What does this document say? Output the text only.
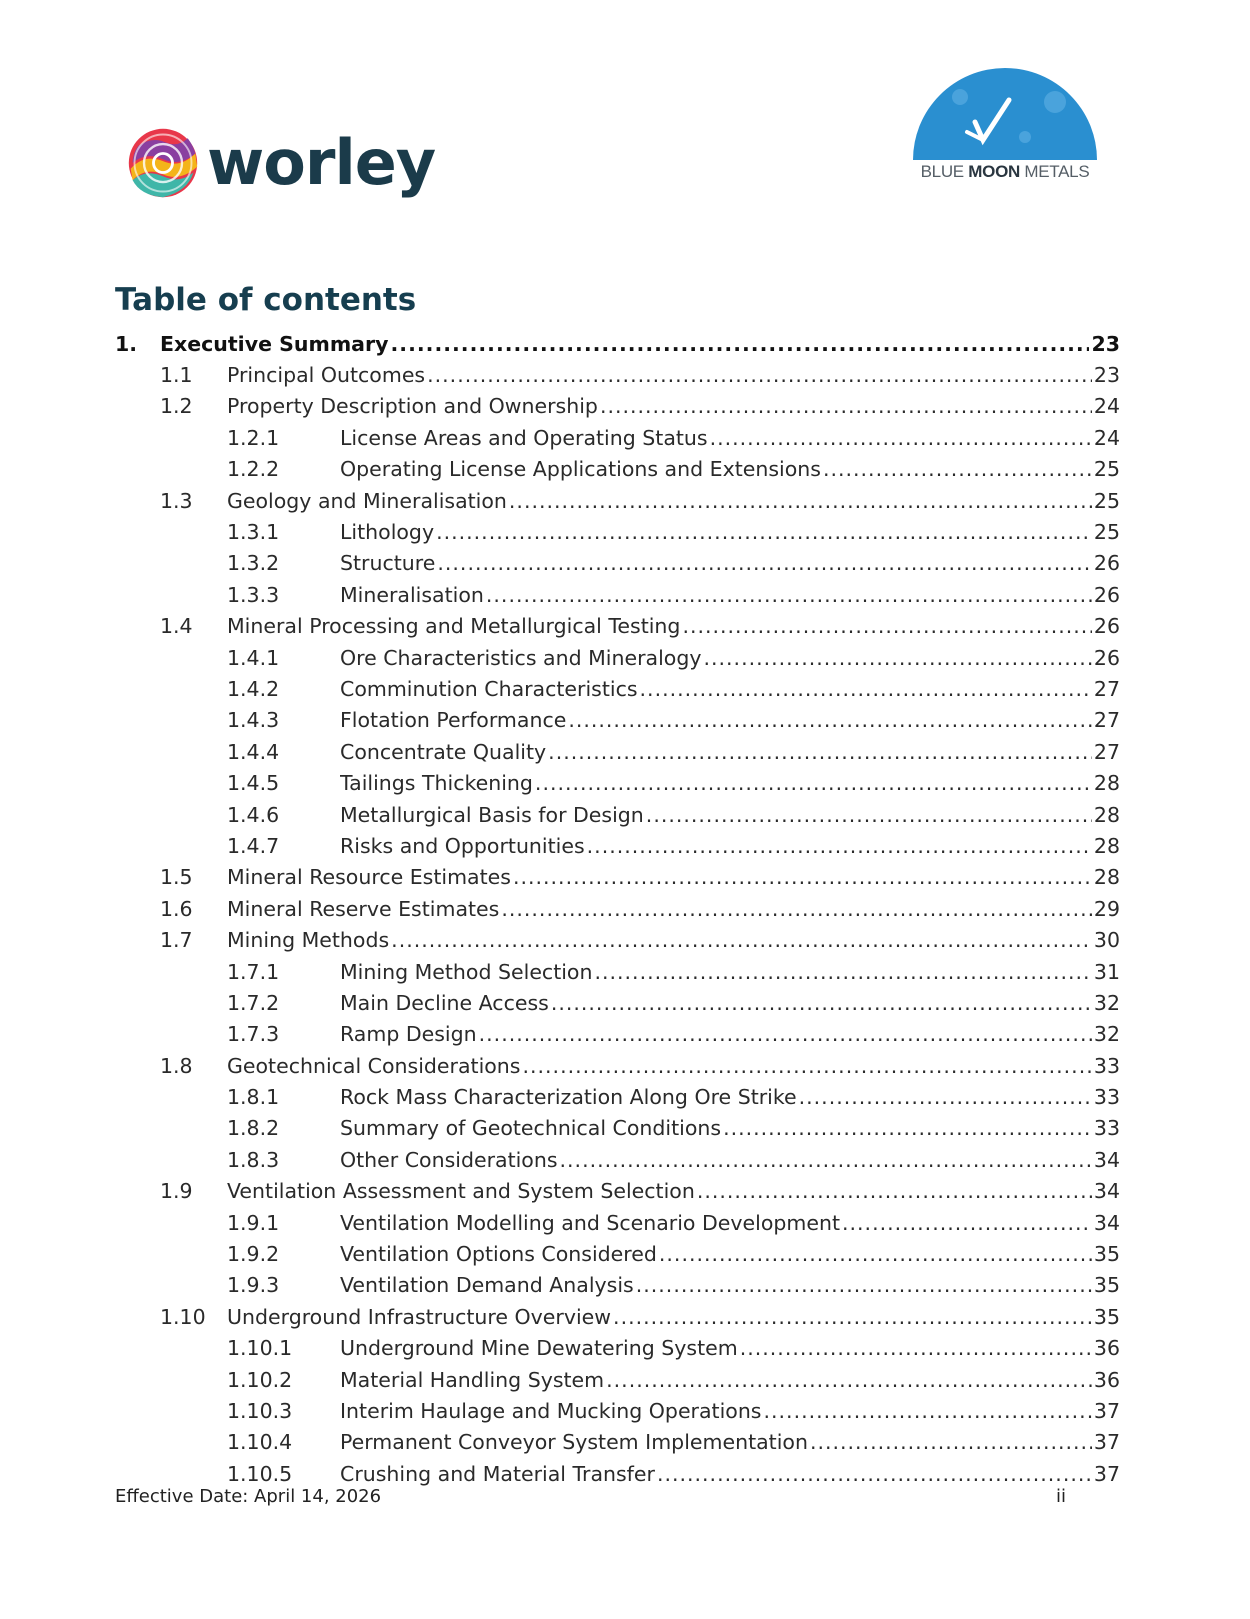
worley	BLUE MOON METALS
Table of contents
1. Executive Summary .....	23
1.1 Principal Outcomes .....	23
1.2 Property Description and Ownership .....	24
1.2.1	License Areas and Operating Status .....	24
1.2.2	Operating License Applications and Extensions .....	25
1.3 Geology and Mineralisation .....	25
1.3.1	Lithology .....	25
1.3.2	Structure .....	26
1.3.3	Mineralisation .....	26
1.4 Mineral Processing and Metallurgical Testing .....	26
1.4.1	Ore Characteristics and Mineralogy .....	26
1.4.2	Comminution Characteristics .....	27
1.4.3	Flotation Performance .....	27
1.4.4	Concentrate Quality .....	27
1.4.5	Tailings Thickening .....	28
1.4.6	Metallurgical Basis for Design .....	28
1.4.7	Risks and Opportunities .....	28
1.5 Mineral Resource Estimates .....	28
1.6 Mineral Reserve Estimates .....	29
1.7 Mining Methods .....	30
1.7.1	Mining Method Selection .....	31
1.7.2	Main Decline Access .....	32
1.7.3	Ramp Design .....	32
1.8 Geotechnical Considerations .....	33
1.8.1	Rock Mass Characterization Along Ore Strike .....	33
1.8.2	Summary of Geotechnical Conditions .....	33
1.8.3	Other Considerations .....	34
1.9 Ventilation Assessment and System Selection .....	34
1.9.1	Ventilation Modelling and Scenario Development .....	34
1.9.2	Ventilation Options Considered .....	35
1.9.3	Ventilation Demand Analysis .....	35
1.10 Underground Infrastructure Overview .....	35
1.10.1 Underground Mine Dewatering System .....	36
1.10.2 Material Handling System .....	36
1.10.3 Interim Haulage and Mucking Operations .....	37
1.10.4 Permanent Conveyor System Implementation .....	37
1.10.5 Crushing and Material Transfer .....	37
Effective Date: April 14, 2026	ii
